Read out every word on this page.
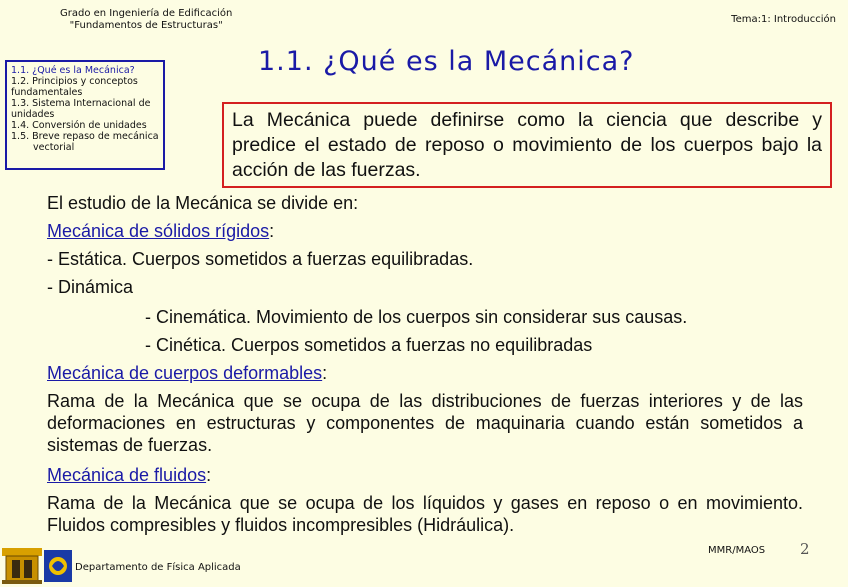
Grado en Ingeniería de Edificación
"Fundamentos de Estructuras"
Tema:1: Introducción
1.1. ¿Qué es la Mecánica?
1.2. Principios y conceptos
fundamentales
1.3. Sistema Internacional de
unidades
1.4. Conversión de unidades
1.5. Breve repaso de mecánica
vectorial
1.1. ¿Qué es la Mecánica?
La Mecánica puede definirse como la ciencia que describe y predice el estado de reposo o movimiento de los cuerpos bajo la acción de las fuerzas.
El estudio de la Mecánica se divide en:
Mecánica de sólidos rígidos:
- Estática. Cuerpos sometidos a fuerzas equilibradas.
- Dinámica
- Cinemática. Movimiento de los cuerpos sin considerar sus causas.
- Cinética. Cuerpos sometidos a fuerzas no equilibradas
Mecánica de cuerpos deformables:
Rama de la Mecánica que se ocupa de las distribuciones de fuerzas interiores y de las deformaciones en estructuras y componentes de maquinaria cuando están sometidos a sistemas de fuerzas.
Mecánica de fluidos:
Rama de la Mecánica que se ocupa de los líquidos y gases en reposo o en movimiento. Fluidos compresibles y fluidos incompresibles (Hidráulica).
Departamento de Física Aplicada
MMR/MAOS 2
